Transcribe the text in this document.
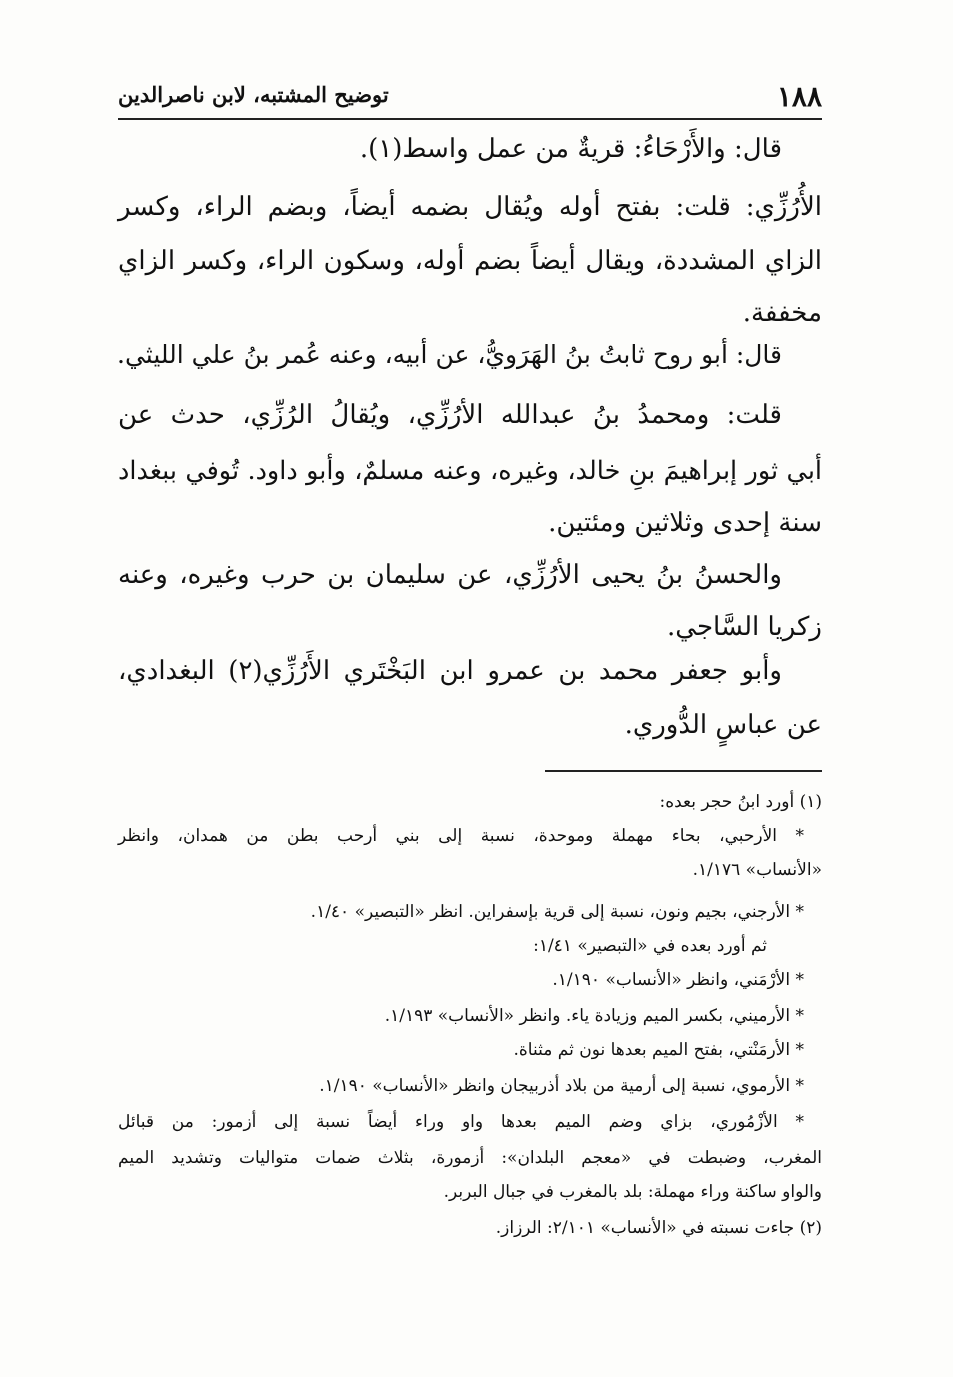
١٨٨
توضيح المشتبه، لابن ناصرالدين
قال: والأَرْحَاءُ: قريةٌ من عمل واسط(١).
الأُرُزِّي: قلت: بفتح أوله ويُقال بضمه أيضاً، وبضم الراء، وكسر
الزاي المشددة، ويقال أيضاً بضم أوله، وسكون الراء، وكسر الزاي
مخففة.
قال: أبو روح ثابتُ بنُ الهَرَويُّ، عن أبيه، وعنه عُمر بنُ علي الليثي.
قلت: ومحمدُ بنُ عبدالله الأرُزِّي، ويُقالُ الرُزِّي، حدث عن
أبي ثور إبراهيمَ بنِ خالد، وغيره، وعنه مسلمٌ، وأبو داود. تُوفي ببغداد
سنة إحدى وثلاثين ومئتين.
والحسنُ بنُ يحيى الأرُزِّي، عن سليمان بن حرب وغيره، وعنه
زكريا السَّاجي.
وأبو جعفر محمد بن عمرو ابن البَخْتَري الأَرُزِّي(٢) البغدادي،
عن عباسٍ الدُّوري.
(١) أورد ابنُ حجر بعده:
* الأرحبي، بحاء مهملة وموحدة، نسبة إلى بني أرحب بطن من همدان، وانظر
«الأنساب» ١/١٧٦.
* الأرجني، بجيم ونون، نسبة إلى قرية بإسفراين. انظر «التبصير» ١/٤٠.
ثم أورد بعده في «التبصير» ١/٤١:
* الأرْمَني، وانظر «الأنساب» ١/١٩٠.
* الأرميني، بكسر الميم وزيادة ياء. وانظر «الأنساب» ١/١٩٣.
* الأرمَنْتي، بفتح الميم بعدها نون ثم مثناة.
* الأرموي، نسبة إلى أرمية من بلاد أذربيجان وانظر «الأنساب» ١/١٩٠.
* الأزْمُوري، بزاي وضم الميم بعدها واو وراء أيضاً نسبة إلى أزمور: من قبائل
المغرب، وضبطت في «معجم البلدان»: أزمورة، بثلاث ضمات متواليات وتشديد الميم
والواو ساكنة وراء مهملة: بلد بالمغرب في جبال البربر.
(٢) جاءت نسبته في «الأنساب» ٢/١٠١: الرزاز.
